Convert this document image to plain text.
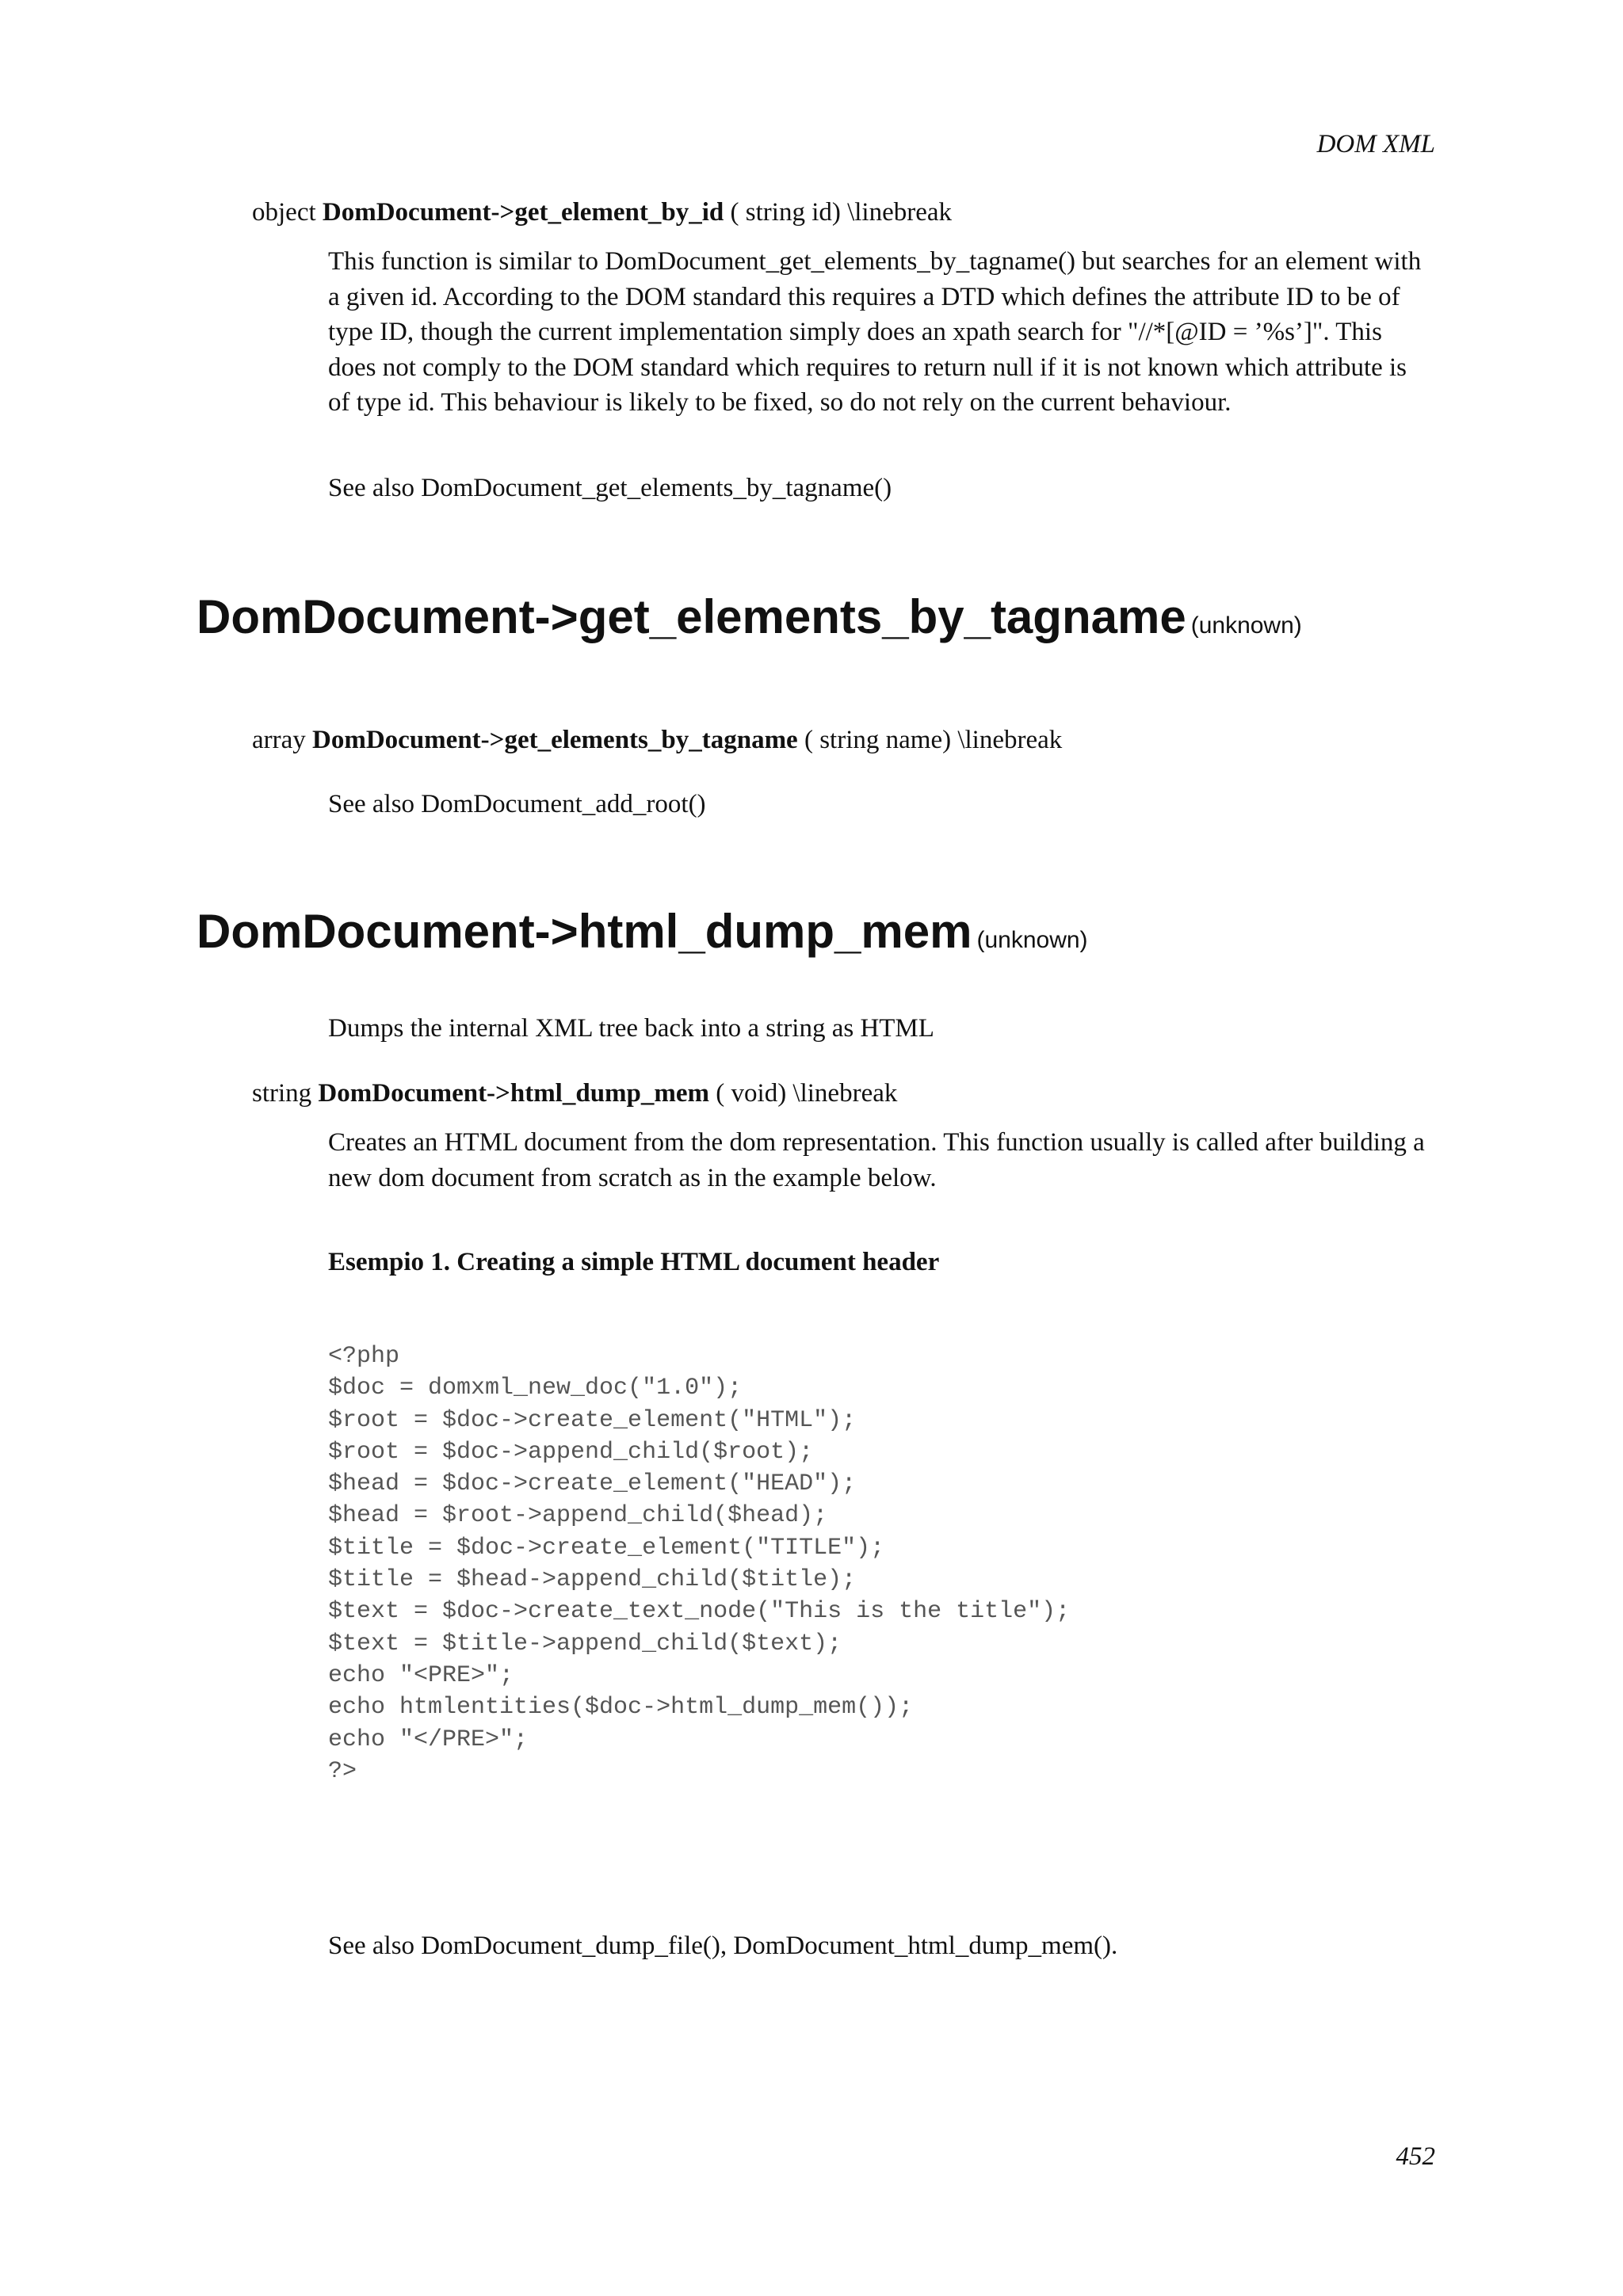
DOM XML

object DomDocument->get_element_by_id ( string id) \linebreak

This function is similar to DomDocument_get_elements_by_tagname() but searches for an element with a given id. According to the DOM standard this requires a DTD which defines the attribute ID to be of type ID, though the current implementation simply does an xpath search for "//*[@ID = ’%s’]". This does not comply to the DOM standard which requires to return null if it is not known which attribute is of type id. This behaviour is likely to be fixed, so do not rely on the current behaviour.

See also DomDocument_get_elements_by_tagname()

DomDocument->get_elements_by_tagname (unknown)

array DomDocument->get_elements_by_tagname ( string name) \linebreak

See also DomDocument_add_root()

DomDocument->html_dump_mem (unknown)

Dumps the internal XML tree back into a string as HTML

string DomDocument->html_dump_mem ( void) \linebreak

Creates an HTML document from the dom representation. This function usually is called after building a new dom document from scratch as in the example below.

Esempio 1. Creating a simple HTML document header

<?php
$doc = domxml_new_doc("1.0");
$root = $doc->create_element("HTML");
$root = $doc->append_child($root);
$head = $doc->create_element("HEAD");
$head = $root->append_child($head);
$title = $doc->create_element("TITLE");
$title = $head->append_child($title);
$text = $doc->create_text_node("This is the title");
$text = $title->append_child($text);
echo "<PRE>";
echo htmlentities($doc->html_dump_mem());
echo "</PRE>";
?>

See also DomDocument_dump_file(), DomDocument_html_dump_mem().

452
